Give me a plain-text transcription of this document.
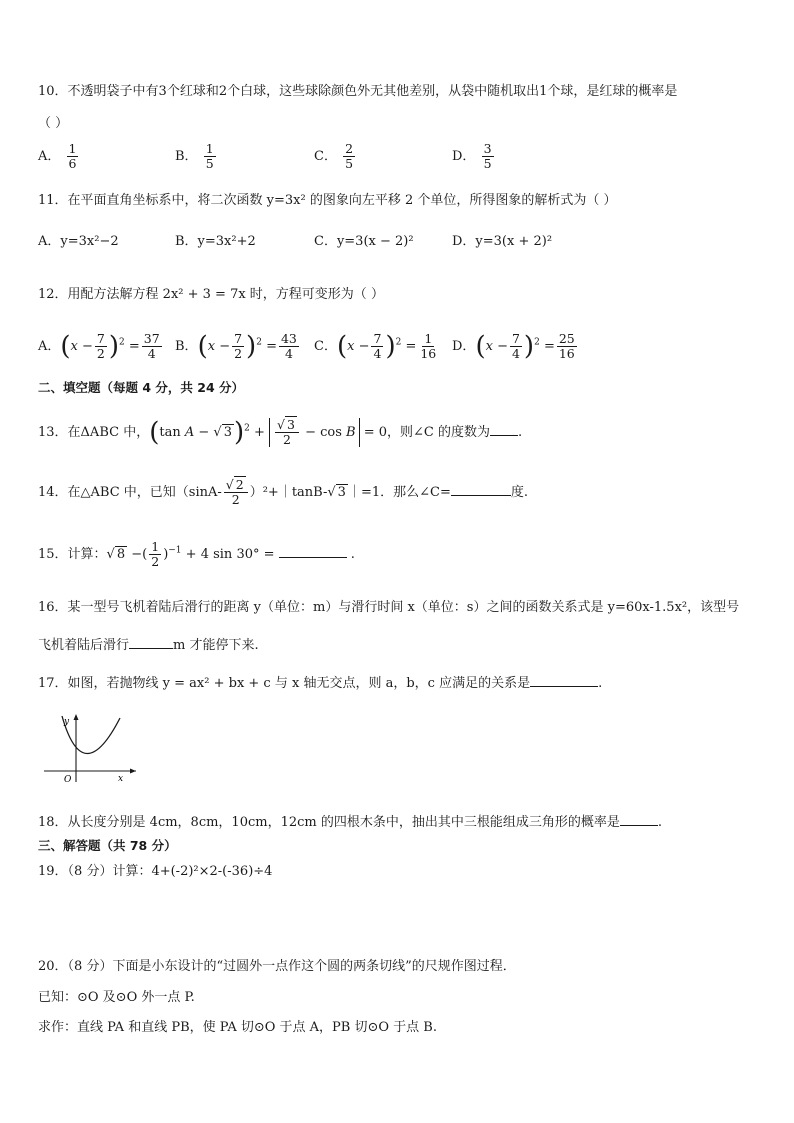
10．不透明袋子中有3个红球和2个白球，这些球除颜色外无其他差别，从袋中随机取出1个球，是红球的概率是
（ ）
A． $\frac{1}{6}$	B． $\frac{1}{5}$	C． $\frac{2}{5}$	D． $\frac{3}{5}$
11．在平面直角坐标系中，将二次函数 y=3x² 的图象向左平移 2 个单位，所得图象的解析式为（ ）
A．y=3x²−2	B．y=3x²+2	C．y=3(x − 2)²	D．y=3(x + 2)²
12．用配方法解方程 2x² + 3 = 7x 时，方程可变形为（ ）
A．$(x - \frac{7}{2} )^2 = \frac{37}{4}$ B．$(x - \frac{7}{2} )^2 = \frac{43}{4}$ C．$(x - \frac{7}{4} )^2 = \frac{1}{16}$ D．$(x - \frac{7}{4} )^2 = \frac{25}{16}$
二、填空题（每题 4 分，共 24 分）
13．在ΔABC 中，(tan A − √ $3)^2 + \frac{√ 3}{2} - \cos B = 0$，则∠C 的度数为 .
14．在△ABC 中，已知（$\sin A- \frac{√ 2}{2}$ ）²+｜tanB-√ 3 ｜=1．那么∠C=	度.
15．计算：√ 8 −( $\frac{1}{2} )^{-1} + 4$ sin 30° =	.
16．某一型号飞机着陆后滑行的距离 y（单位：m）与滑行时间 x（单位：s）之间的函数关系式是 y=60x-1.5x²，该型号
飞机着陆后滑行	m 才能停下来.
17．如图，若抛物线 y = ax² + bx + c 与 x 轴无交点，则 a，b，c 应满足的关系是	.
y
x
O
18．从长度分别是 4cm，8cm，10cm，12cm 的四根木条中，抽出其中三根能组成三角形的概率是	.
三、解答题（共 78 分）
19．（8 分）计算：4+(-2)²×2-(-36)÷4
20．（8 分）下面是小东设计的“过圆外一点作这个圆的两条切线”的尺规作图过程．
已知：⊙O 及⊙O 外一点 P.
求作：直线 PA 和直线 PB，使 PA 切⊙O 于点 A，PB 切⊙O 于点 B.
